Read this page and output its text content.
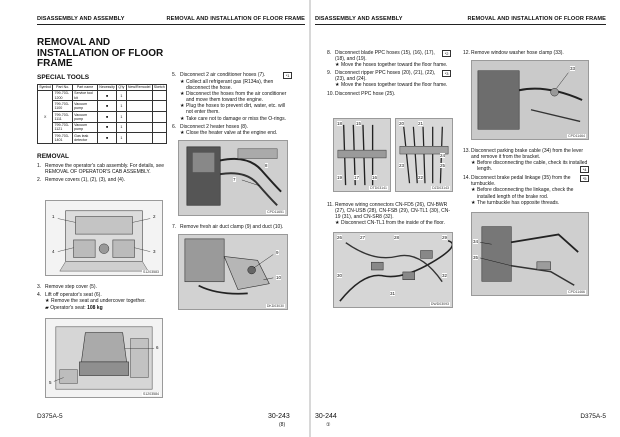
DISASSEMBLY AND ASSEMBLY	REMOVAL AND INSTALLATION OF FLOOR FRAME
REMOVAL AND
INSTALLATION OF FLOOR
FRAME
SPECIAL TOOLS
Symbol	Part No.	Part name	Necessity	Q'ty	New/Remodel	Sketch
X	799-703-1200	Service tool kit	■	1		
	799-703-1100	Vacuum pump	■	1		
	799-703-1111	Vacuum pump	■	1		
	799-703-1121	Vacuum pump	■	1		
	799-703-1401	Gas leak detector	■	1		
REMOVAL
1. Remove the operator's cab assembly. For details, see REMOVAL OF OPERATOR'S CAB ASSEMBLY.
2. Remove covers (1), (2), (3), and (4).
1	2
3
4
S1203583
3. Remove step cover (5).
4. Lift off operator's seat (6).
★ Remove the seat and undercover together.
▰ Operator's seat: 108 kg
5
6
S1203584
5.	*1
Disconnect 2 air conditioner hoses (7).
★ Collect all refrigerant gas (R134a), then disconnect the hose.
★ Disconnect the hoses from the air conditioner and move them toward the engine.
★ Plug the hoses to prevent dirt, water, etc. will not enter them.
★ Take care not to damage or miss the O-rings.
6. Disconnect 2 heater hoses (8).
★ Close the heater valve at the engine end.
7
8
CPD11651
7. Remove fresh air duct clamp (9) and duct (10).
9
10
DKD03030
D375A-5	30-243
(8)
DISASSEMBLY AND ASSEMBLY	REMOVAL AND INSTALLATION OF FLOOR FRAME
8.	*2
Disconnect blade PPC hoses (15), (16), (17), (18), and (19).
★ Move the hoses together toward the floor frame.
9.	*3
Disconnect ripper PPC hoses (20), (21), (22), (23), and (24).
★ Move the hoses together toward the floor frame.
10. Disconnect PPC hose (25).
18	15
19	17	16
DTD03141
20	21
23
24
25
22
DZD03143
11. Remove wiring connectors CN-FD5 (26), CN-BWR (27), CN-USB (28), CN-FSB (29), CN-TL1 (30), CN-19 (31), and CN-SR8 (32).
★ Disconnect CN-TL1 from the inside of the floor.
26	27	28	29
30
31
32
DWD03093
12. Remove window washer hose clamp (33).
33
CPD11464
13. Disconnect parking brake cable (34) from the lever and remove it from the bracket.
★ Before disconnecting the cable, check its installed length.	*4
14.	*5
Disconnect brake pedal linkage (35) from the turnbuckle.
★ Before disconnecting the linkage, check the installed length of the brake rod.
★ The turnbuckle has opposite threads.
34
35
CPD11466
30-244
①
D375A-5
